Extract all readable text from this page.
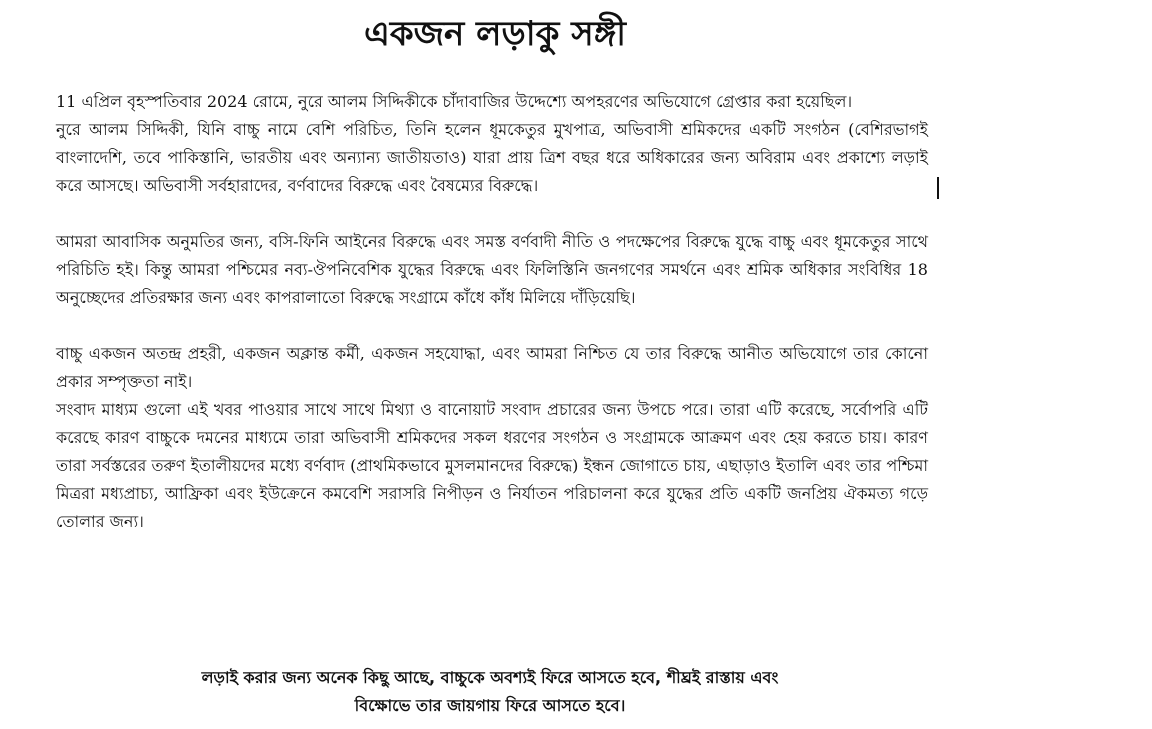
একজন লড়াকু সঙ্গী

11 এপ্রিল বৃহস্পতিবার 2024 রোমে, নুরে আলম সিদ্দিকীকে চাঁদাবাজির উদ্দেশ্যে অপহরণের অভিযোগে গ্রেপ্তার করা হয়েছিল।

নুরে আলম সিদ্দিকী, যিনি বাচ্চু নামে বেশি পরিচিত, তিনি হলেন ধূমকেতুর মুখপাত্র, অভিবাসী শ্রমিকদের একটি সংগঠন (বেশিরভাগই বাংলাদেশি, তবে পাকিস্তানি, ভারতীয় এবং অন্যান্য জাতীয়তাও) যারা প্রায় ত্রিশ বছর ধরে অধিকারের জন্য অবিরাম এবং প্রকাশ্যে লড়াই করে আসছে। অভিবাসী সর্বহারাদের, বর্ণবাদের বিরুদ্ধে এবং বৈষম্যের বিরুদ্ধে।

আমরা আবাসিক অনুমতির জন্য, বসি-ফিনি আইনের বিরুদ্ধে এবং সমস্ত বর্ণবাদী নীতি ও পদক্ষেপের বিরুদ্ধে যুদ্ধে বাচ্চু এবং ধূমকেতুর সাথে পরিচিতি হই। কিন্তু আমরা পশ্চিমের নব্য-ঔপনিবেশিক যুদ্ধের বিরুদ্ধে এবং ফিলিস্তিনি জনগণের সমর্থনে এবং শ্রমিক অধিকার সংবিধির 18 অনুচ্ছেদের প্রতিরক্ষার জন্য এবং কাপরালাতো বিরুদ্ধে সংগ্রামে কাঁধে কাঁধ মিলিয়ে দাঁড়িয়েছি।

বাচ্চু একজন অতন্দ্র প্রহরী, একজন অক্লান্ত কর্মী, একজন সহযোদ্ধা, এবং আমরা নিশ্চিত যে তার বিরুদ্ধে আনীত অভিযোগে তার কোনো প্রকার সম্পৃক্ততা নাই।

সংবাদ মাধ্যম গুলো এই খবর পাওয়ার সাথে সাথে মিথ্যা ও বানোয়াট সংবাদ প্রচারের জন্য উপচে পরে। তারা এটি করেছে, সর্বোপরি এটি করেছে কারণ বাচ্চুকে দমনের মাধ্যমে তারা অভিবাসী শ্রমিকদের সকল ধরণের সংগঠন ও সংগ্রামকে আক্রমণ এবং হেয় করতে চায়। কারণ তারা সর্বস্তরের তরুণ ইতালীয়দের মধ্যে বর্ণবাদ (প্রাথমিকভাবে মুসলমানদের বিরুদ্ধে) ইন্ধন জোগাতে চায়, এছাড়াও ইতালি এবং তার পশ্চিমা মিত্ররা মধ্যপ্রাচ্য, আফ্রিকা এবং ইউক্রেনে কমবেশি সরাসরি নিপীড়ন ও নির্যাতন পরিচালনা করে যুদ্ধের প্রতি একটি জনপ্রিয় ঐকমত্য গড়ে তোলার জন্য।

লড়াই করার জন্য অনেক কিছু আছে, বাচ্চুকে অবশ্যই ফিরে আসতে হবে, শীঘ্রই রাস্তায় এবং
বিক্ষোভে তার জায়গায় ফিরে আসতে হবে।
